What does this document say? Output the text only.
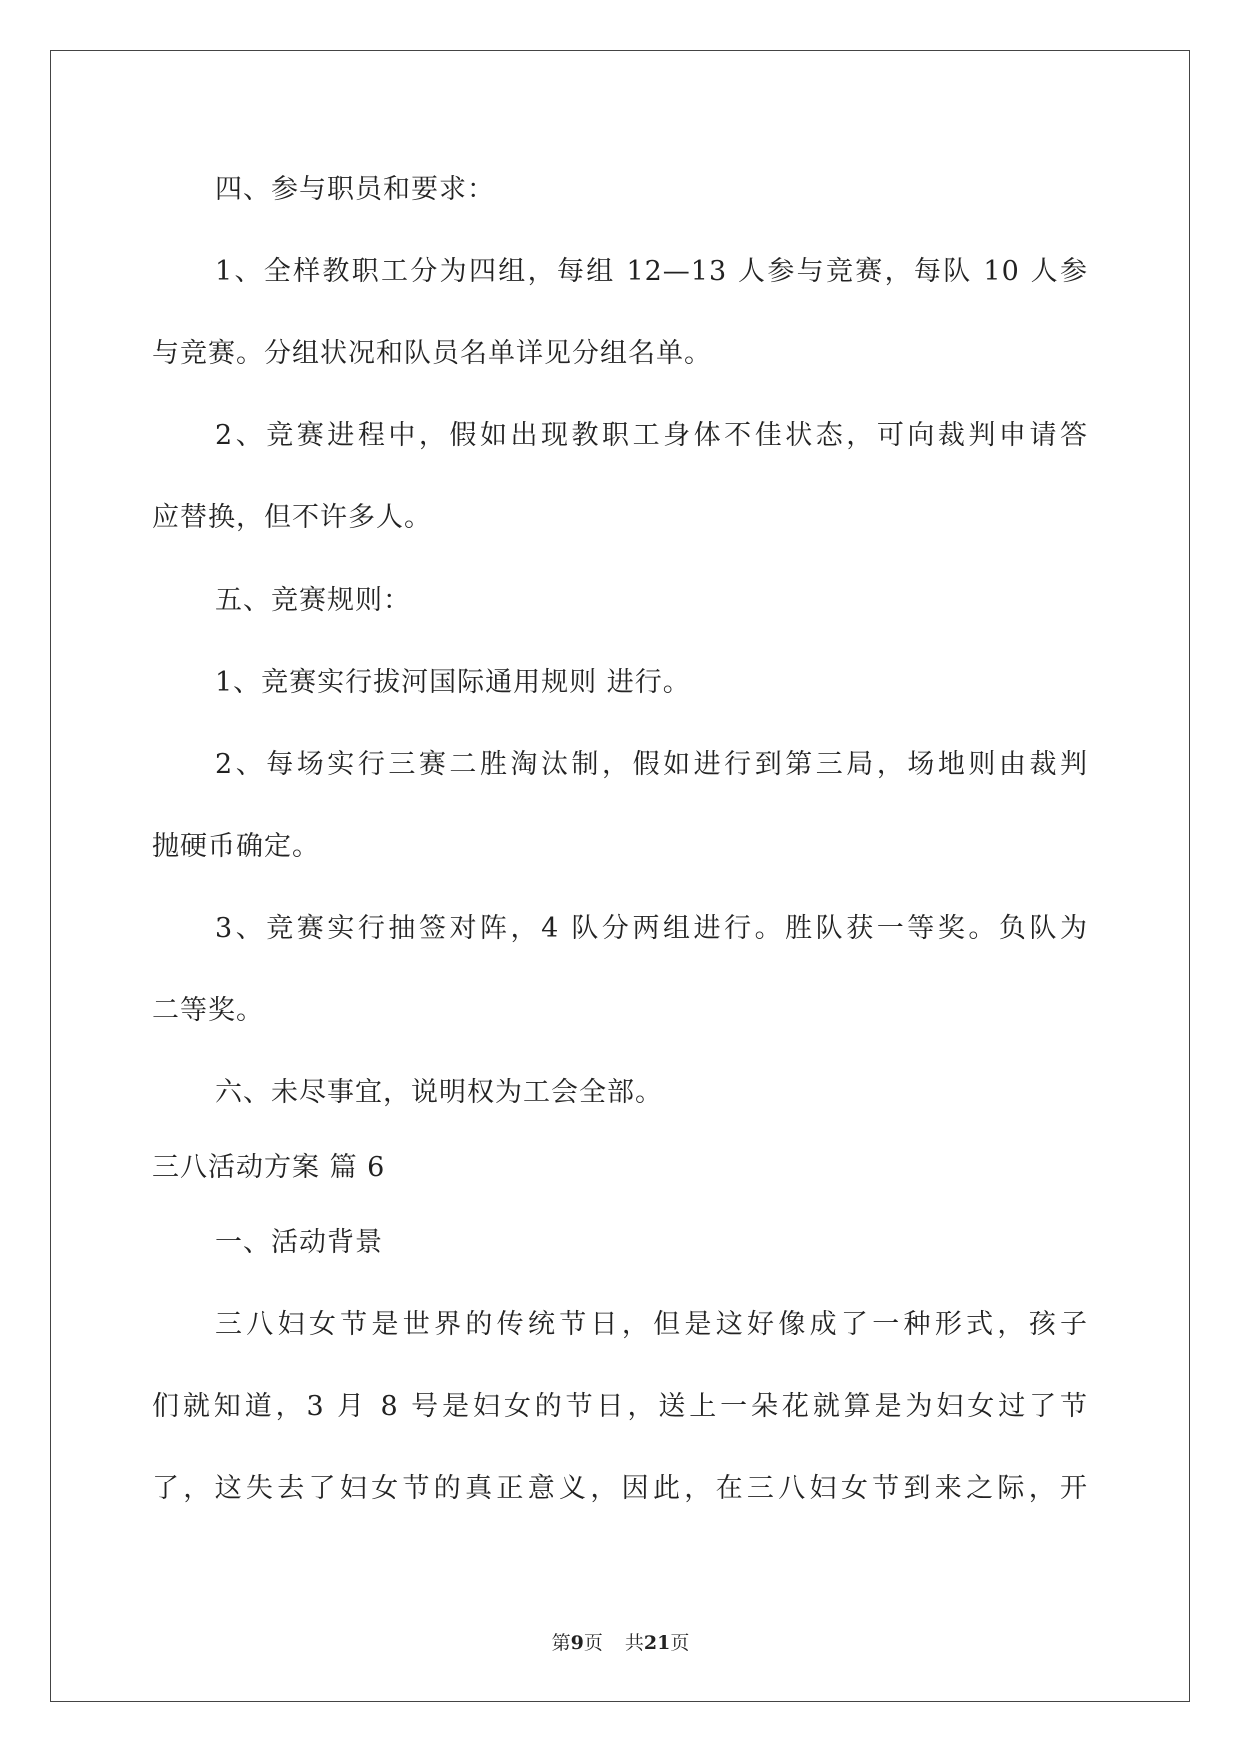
四、参与职员和要求：
1、全样教职工分为四组，每组 12—13 人参与竞赛，每队 10 人参
与竞赛。分组状况和队员名单详见分组名单。
2、竞赛进程中，假如出现教职工身体不佳状态，可向裁判申请答
应替换，但不许多人。
五、竞赛规则：
1、竞赛实行拔河国际通用规则 进行。
2、每场实行三赛二胜淘汰制，假如进行到第三局，场地则由裁判
抛硬币确定。
3、竞赛实行抽签对阵，4 队分两组进行。胜队获一等奖。负队为
二等奖。
六、未尽事宜，说明权为工会全部。
三八活动方案 篇 6
一、活动背景
三八妇女节是世界的传统节日，但是这好像成了一种形式，孩子
们就知道，3 月 8 号是妇女的节日，送上一朵花就算是为妇女过了节
了，这失去了妇女节的真正意义，因此，在三八妇女节到来之际，开
第9页 共21页
